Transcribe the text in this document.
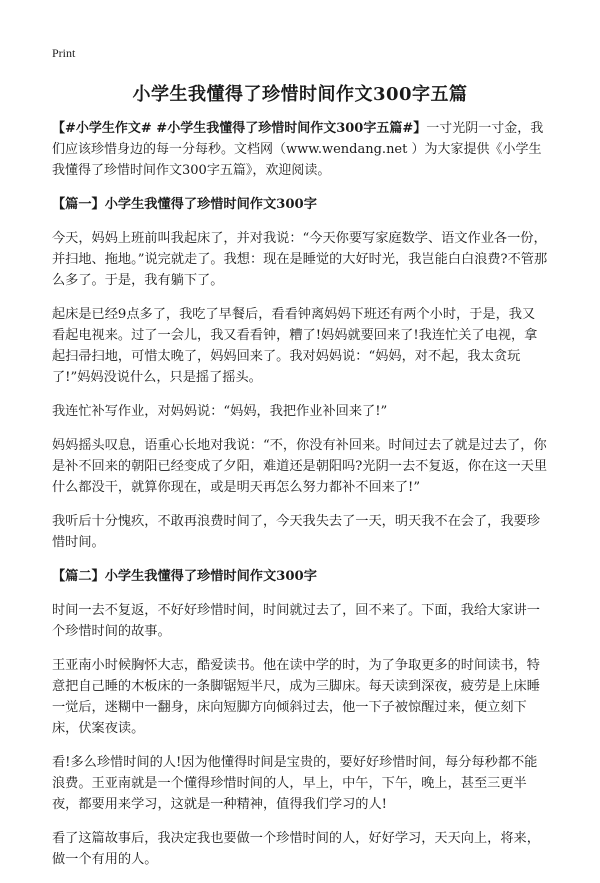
Print
小学生我懂得了珍惜时间作文300字五篇

【#小学生作文# #小学生我懂得了珍惜时间作文300字五篇#】一寸光阴一寸金，我们应该珍惜身边的每一分每秒。文档网（www.wendang.net ）为大家提供《小学生我懂得了珍惜时间作文300字五篇》，欢迎阅读。

【篇一】小学生我懂得了珍惜时间作文300字

今天，妈妈上班前叫我起床了，并对我说：“今天你要写家庭数学、语文作业各一份，并扫地、拖地。”说完就走了。我想：现在是睡觉的大好时光，我岂能白白浪费?不管那么多了。于是，我有躺下了。

起床是已经9点多了，我吃了早餐后，看看钟离妈妈下班还有两个小时，于是，我又看起电视来。过了一会儿，我又看看钟，糟了!妈妈就要回来了!我连忙关了电视，拿起扫帚扫地，可惜太晚了，妈妈回来了。我对妈妈说：“妈妈，对不起，我太贪玩了!”妈妈没说什么，只是摇了摇头。

我连忙补写作业，对妈妈说：“妈妈，我把作业补回来了!”

妈妈摇头叹息，语重心长地对我说：“不，你没有补回来。时间过去了就是过去了，你是补不回来的朝阳已经变成了夕阳，难道还是朝阳吗?光阴一去不复返，你在这一天里什么都没干，就算你现在，或是明天再怎么努力都补不回来了!”

我听后十分愧疚，不敢再浪费时间了，今天我失去了一天，明天我不在会了，我要珍惜时间。

【篇二】小学生我懂得了珍惜时间作文300字

时间一去不复返，不好好珍惜时间，时间就过去了，回不来了。下面，我给大家讲一个珍惜时间的故事。

王亚南小时候胸怀大志，酷爱读书。他在读中学的时，为了争取更多的时间读书，特意把自己睡的木板床的一条脚锯短半尺，成为三脚床。每天读到深夜，疲劳是上床睡一觉后，迷糊中一翻身，床向短脚方向倾斜过去，他一下子被惊醒过来，便立刻下床，伏案夜读。

看!多么珍惜时间的人!因为他懂得时间是宝贵的，要好好珍惜时间，每分每秒都不能浪费。王亚南就是一个懂得珍惜时间的人，早上，中午，下午，晚上，甚至三更半夜，都要用来学习，这就是一种精神，值得我们学习的人!

看了这篇故事后，我决定我也要做一个珍惜时间的人，好好学习，天天向上，将来，做一个有用的人。
